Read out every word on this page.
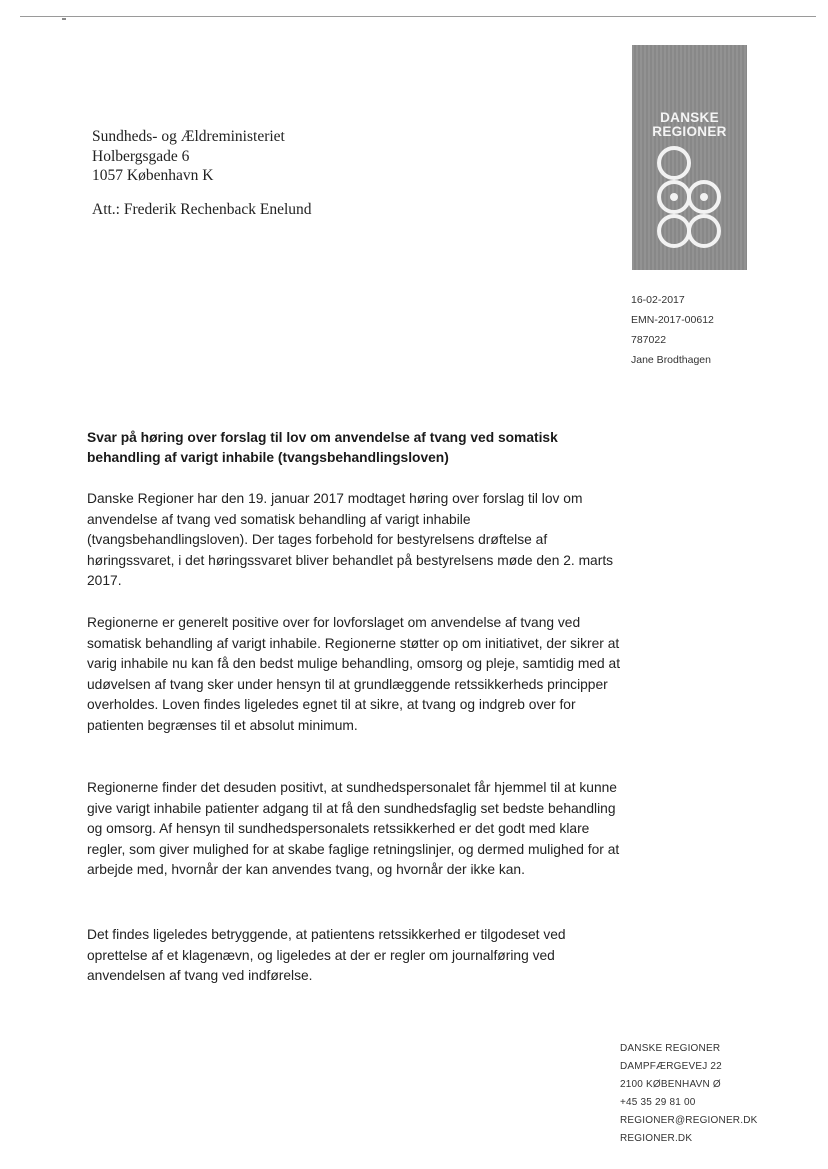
Sundheds- og Ældreministeriet
Holbergsgade 6
1057 København K
Att.: Frederik Rechenback Enelund
DANSKE
REGIONER
16-02-2017
EMN-2017-00612
787022
Jane Brodthagen
Svar på høring over forslag til lov om anvendelse af tvang ved somatisk behandling af varigt inhabile (tvangsbehandlingsloven)
Danske Regioner har den 19. januar 2017 modtaget høring over forslag til lov om anvendelse af tvang ved somatisk behandling af varigt inhabile (tvangsbehandlingsloven). Der tages forbehold for bestyrelsens drøftelse af høringssvaret, i det høringssvaret bliver behandlet på bestyrelsens møde den 2. marts 2017.
Regionerne er generelt positive over for lovforslaget om anvendelse af tvang ved somatisk behandling af varigt inhabile. Regionerne støtter op om initiativet, der sikrer at varig inhabile nu kan få den bedst mulige behandling, omsorg og pleje, samtidig med at udøvelsen af tvang sker under hensyn til at grundlæggende retssikkerheds principper overholdes. Loven findes ligeledes egnet til at sikre, at tvang og indgreb over for patienten begrænses til et absolut minimum.
Regionerne finder det desuden positivt, at sundhedspersonalet får hjemmel til at kunne give varigt inhabile patienter adgang til at få den sundhedsfaglig set bedste behandling og omsorg. Af hensyn til sundhedspersonalets retssikkerhed er det godt med klare regler, som giver mulighed for at skabe faglige retningslinjer, og dermed mulighed for at arbejde med, hvornår der kan anvendes tvang, og hvornår der ikke kan.
Det findes ligeledes betryggende, at patientens retssikkerhed er tilgodeset ved oprettelse af et klagenævn, og ligeledes at der er regler om journalføring ved anvendelsen af tvang ved indførelse.
DANSKE REGIONER
DAMPFÆRGEVEJ 22
2100 KØBENHAVN Ø
+45 35 29 81 00
REGIONER@REGIONER.DK
REGIONER.DK
